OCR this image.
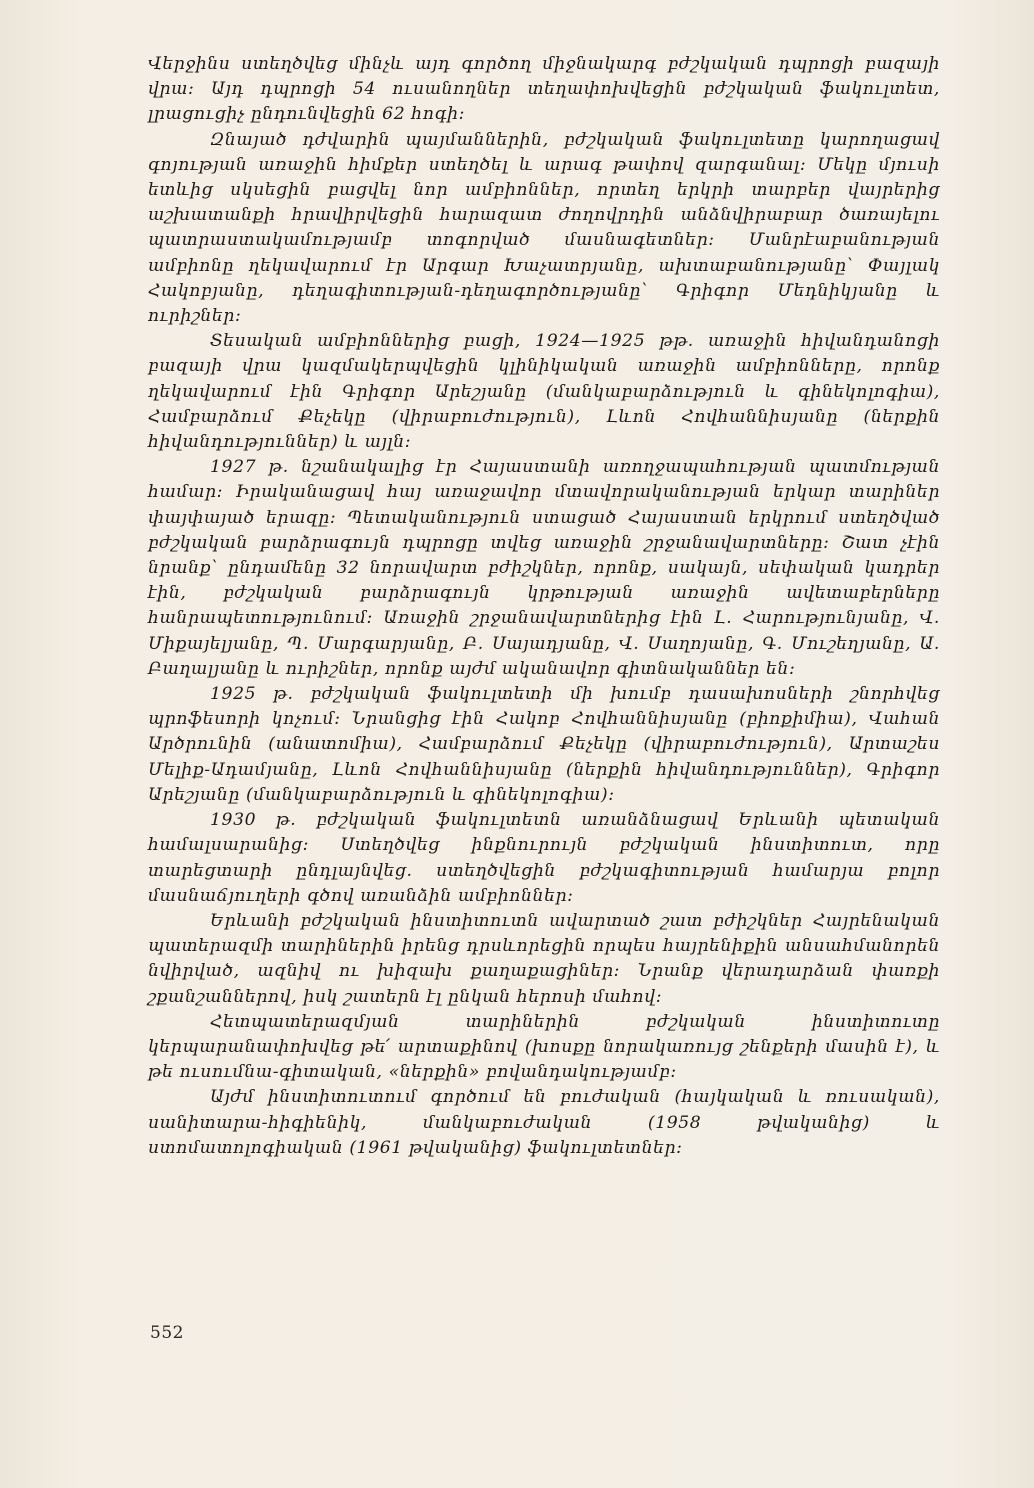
Վերջինս ստեղծվեց մինչև այդ գործող միջնակարգ բժշկական դպրոցի բազայի վրա։ Այդ դպրոցի 54 ուսանողներ տեղափոխվեցին բժշկական ֆակուլտետ, լրացուցիչ ընդունվեցին 62 հոգի։

Զնայած դժվարին պայմաններին, բժշկական ֆակուլտետը կարողացավ գոյության առաջին հիմքեր ստեղծել և արագ թափով զարգանալ։ Մեկը մյուսի ետևից սկսեցին բացվել նոր ամբիոններ, որտեղ երկրի տարբեր վայրերից աշխատանքի հրավիրվեցին հարազատ ժողովրդին անձնվիրաբար ծառայելու պատրաստակամությամբ տոգորված մասնագետներ։ Մանրէաբանության ամբիոնը ղեկավարում էր Արգար Խաչատրյանը, ախտաբանությանը՝ Փայլակ Հակոբյանը, դեղագիտության-դեղագործությանը՝ Գրիգոր Մեդնիկյանը և ուրիշներ։

Տեսական ամբիոններից բացի, 1924—1925 թթ. առաջին հիվանդանոցի բազայի վրա կազմակերպվեցին կլինիկական առաջին ամբիոնները, որոնք ղեկավարում էին Գրիգոր Արեշյանը (մանկաբարձություն և գինեկոլոգիա), Համբարձում Քեչեկը (վիրաբուժություն), Լևոն Հովհաննիսյանը (ներքին հիվանդություններ) և այլն։

1927 թ. նշանակալից էր Հայաստանի առողջապահության պատմության համար։ Իրականացավ հայ առաջավոր մտավորականության երկար տարիներ փայփայած երազը։ Պետականություն ստացած Հայաստան երկրում ստեղծված բժշկական բարձրագույն դպրոցը տվեց առաջին շրջանավարտները։ Շատ չէին նրանք՝ ընդամենը 32 նորավարտ բժիշկներ, որոնք, սակայն, սեփական կադրեր էին, բժշկական բարձրագույն կրթության առաջին ավետաբերները հանրապետությունում։ Առաջին շրջանավարտներից էին Լ. Հարությունյանը, Վ. Միքայելյանը, Պ. Մարգարյանը, Բ. Սայադյանը, Վ. Սաղոյանը, Գ. Մուշեղյանը, Ա. Բաղալյանը և ուրիշներ, որոնք այժմ ականավոր գիտնականներ են։

1925 թ. բժշկական ֆակուլտետի մի խումբ դասախոսների շնորհվեց պրոֆեսորի կոչում։ Նրանցից էին Հակոբ Հովհաննիսյանը (բիոքիմիա), Վահան Արծրունին (անատոմիա), Համբարձում Քեչեկը (վիրաբուժություն), Արտաշես Մելիք-Ադամյանը, Լևոն Հովհաննիսյանը (ներքին հիվանդություններ), Գրիգոր Արեշյանը (մանկաբարձություն և գինեկոլոգիա)։

1930 թ. բժշկական ֆակուլտետն առանձնացավ Երևանի պետական համալսարանից։ Ստեղծվեց ինքնուրույն բժշկական ինստիտուտ, որը տարեցտարի ընդլայնվեց. ստեղծվեցին բժշկագիտության համարյա բոլոր մասնաճյուղերի գծով առանձին ամբիոններ։

Երևանի բժշկական ինստիտուտն ավարտած շատ բժիշկներ Հայրենական պատերազմի տարիներին իրենց դրսևորեցին որպես հայրենիքին անսահմանորեն նվիրված, ազնիվ ու խիզախ քաղաքացիներ։ Նրանք վերադարձան փառքի շքանշաններով, իսկ շատերն էլ ընկան հերոսի մահով։

Հետպատերազմյան տարիներին բժշկական ինստիտուտը կերպարանափոխվեց թե՛ արտաքինով (խոսքը նորակառույց շենքերի մասին է), և թե ուսումնա-գիտական, «ներքին» բովանդակությամբ։

Այժմ ինստիտուտում գործում են բուժական (հայկական և ռուսական), սանիտարա-հիգիենիկ, մանկաբուժական (1958 թվականից) և ստոմատոլոգիական (1961 թվականից) ֆակուլտետներ։

552
